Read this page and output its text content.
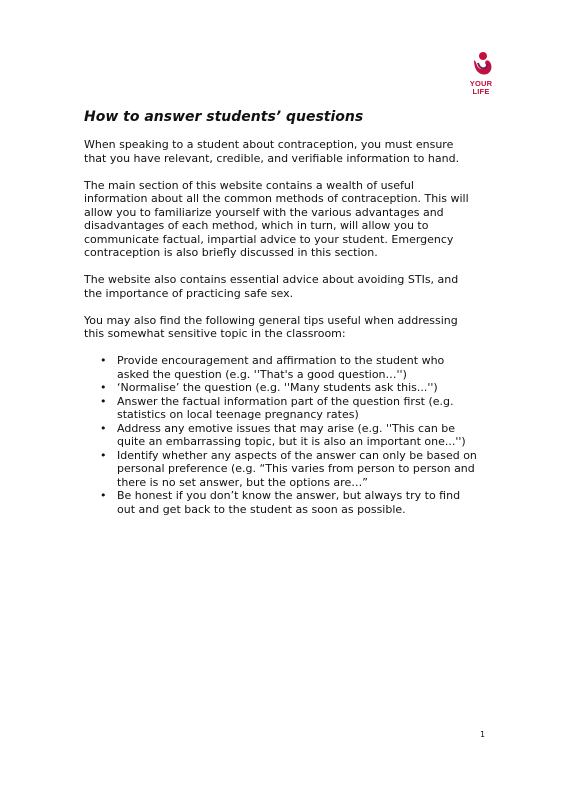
YOUR
LIFE
How to answer students’ questions

When speaking to a student about contraception, you must ensure
that you have relevant, credible, and verifiable information to hand.

The main section of this website contains a wealth of useful
information about all the common methods of contraception. This will
allow you to familiarize yourself with the various advantages and
disadvantages of each method, which in turn, will allow you to
communicate factual, impartial advice to your student. Emergency
contraception is also briefly discussed in this section.

The website also contains essential advice about avoiding STIs, and
the importance of practicing safe sex.

You may also find the following general tips useful when addressing
this somewhat sensitive topic in the classroom:

• Provide encouragement and affirmation to the student who
asked the question (e.g. ''That's a good question…'')
• ‘Normalise’ the question (e.g. ''Many students ask this...'')
• Answer the factual information part of the question first (e.g.
statistics on local teenage pregnancy rates)
• Address any emotive issues that may arise (e.g. ''This can be
quite an embarrassing topic, but it is also an important one...'')
• Identify whether any aspects of the answer can only be based on
personal preference (e.g. “This varies from person to person and
there is no set answer, but the options are…”
• Be honest if you don’t know the answer, but always try to find
out and get back to the student as soon as possible.
1
